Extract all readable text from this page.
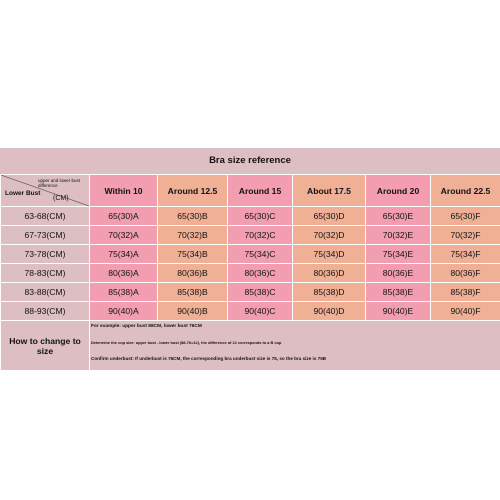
Bra size reference
upper and lower bust difference
Lower Bust
(CM)	Within 10	Around 12.5	Around 15	About 17.5	Around 20	Around 22.5
63-68(CM)	65(30)A	65(30)B	65(30)C	65(30)D	65(30)E	65(30)F
67-73(CM)	70(32)A	70(32)B	70(32)C	70(32)D	70(32)E	70(32)F
73-78(CM)	75(34)A	75(34)B	75(34)C	75(34)D	75(34)E	75(34)F
78-83(CM)	80(36)A	80(36)B	80(36)C	80(36)D	80(36)E	80(36)F
83-88(CM)	85(38)A	85(38)B	85(38)C	85(38)D	85(38)E	85(38)F
88-93(CM)	90(40)A	90(40)B	90(40)C	90(40)D	90(40)E	90(40)F
How to change to size	For example: upper bust 88CM, lower bust 76CM
Determine the cup size: upper bust - lower bust (88-76=12), the difference of 12 corresponds to a B cup
Confirm underbust: If underbust is 76CM, the corresponding bra underbust size is 75, so the bra size is 75B					
